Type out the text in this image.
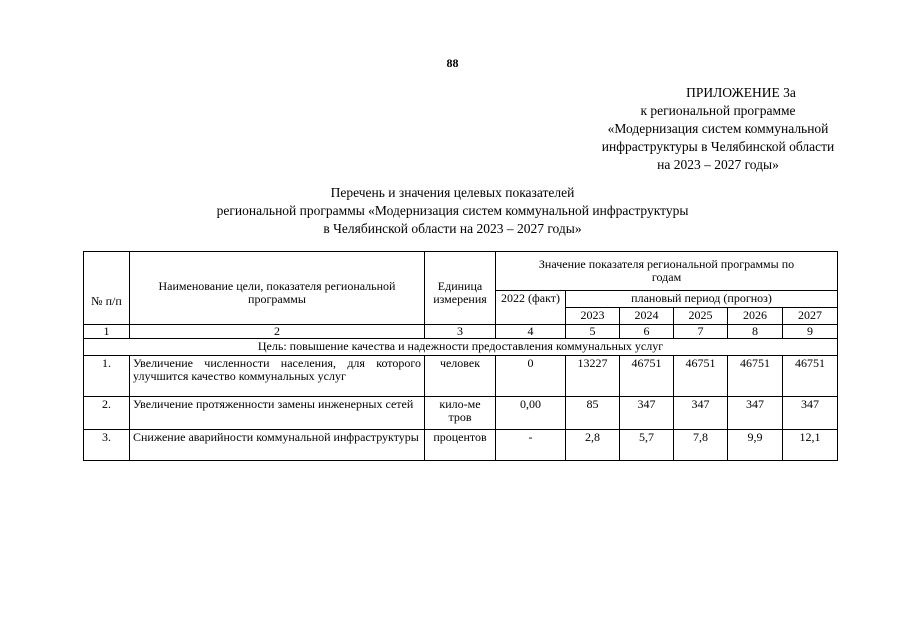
88
ПРИЛОЖЕНИЕ 3а
к региональной программе
«Модернизация систем коммунальной
инфраструктуры в Челябинской области
на 2023 – 2027 годы»
Перечень и значения целевых показателей
региональной программы «Модернизация систем коммунальной инфраструктуры
в Челябинской области на 2023 – 2027 годы»
№ п/п	Наименование цели, показателя региональной программы	Единица измерения	Значение показателя региональной программы по годам					
			2022 (факт)	плановый период (прогноз)				
				2023	2024	2025	2026	2027
1	2	3	4	5	6	7	8	9
Цель: повышение качества и надежности предоставления коммунальных услуг								
1.	Увеличение численности населения, для которого улучшится качество коммунальных услуг	человек	0	13227	46751	46751	46751	46751
2.	Увеличение протяженности замены инженерных сетей	кило-метров	0,00	85	347	347	347	347
3.	Снижение аварийности коммунальной инфраструктуры	процентов	-	2,8	5,7	7,8	9,9	12,1
